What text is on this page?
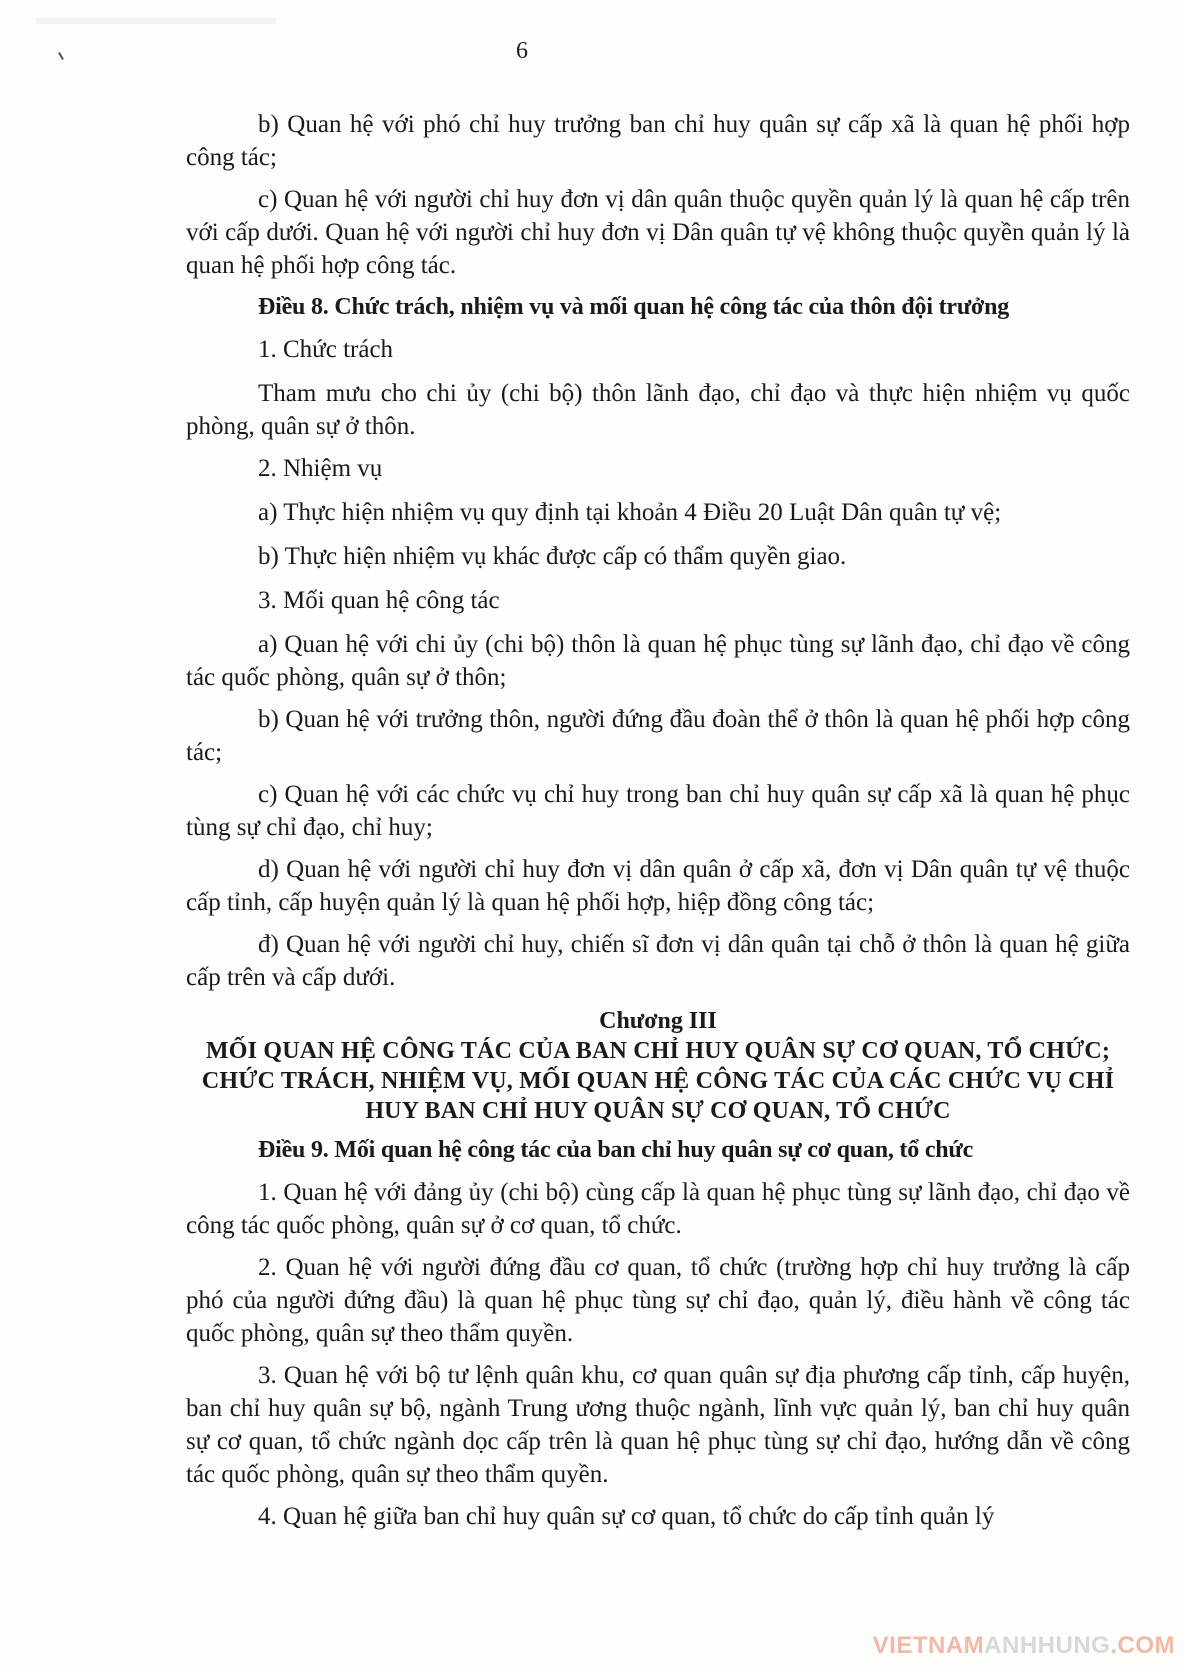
6

b) Quan hệ với phó chỉ huy trưởng ban chỉ huy quân sự cấp xã là quan hệ phối hợp công tác;

c) Quan hệ với người chỉ huy đơn vị dân quân thuộc quyền quản lý là quan hệ cấp trên với cấp dưới. Quan hệ với người chỉ huy đơn vị Dân quân tự vệ không thuộc quyền quản lý là quan hệ phối hợp công tác.

Điều 8. Chức trách, nhiệm vụ và mối quan hệ công tác của thôn đội trưởng

1. Chức trách

Tham mưu cho chi ủy (chi bộ) thôn lãnh đạo, chỉ đạo và thực hiện nhiệm vụ quốc phòng, quân sự ở thôn.

2. Nhiệm vụ

a) Thực hiện nhiệm vụ quy định tại khoản 4 Điều 20 Luật Dân quân tự vệ;

b) Thực hiện nhiệm vụ khác được cấp có thẩm quyền giao.

3. Mối quan hệ công tác

a) Quan hệ với chi ủy (chi bộ) thôn là quan hệ phục tùng sự lãnh đạo, chỉ đạo về công tác quốc phòng, quân sự ở thôn;

b) Quan hệ với trưởng thôn, người đứng đầu đoàn thể ở thôn là quan hệ phối hợp công tác;

c) Quan hệ với các chức vụ chỉ huy trong ban chỉ huy quân sự cấp xã là quan hệ phục tùng sự chỉ đạo, chỉ huy;

d) Quan hệ với người chỉ huy đơn vị dân quân ở cấp xã, đơn vị Dân quân tự vệ thuộc cấp tỉnh, cấp huyện quản lý là quan hệ phối hợp, hiệp đồng công tác;

đ) Quan hệ với người chỉ huy, chiến sĩ đơn vị dân quân tại chỗ ở thôn là quan hệ giữa cấp trên và cấp dưới.

Chương III

MỐI QUAN HỆ CÔNG TÁC CỦA BAN CHỈ HUY QUÂN SỰ CƠ QUAN, TỔ CHỨC; CHỨC TRÁCH, NHIỆM VỤ, MỐI QUAN HỆ CÔNG TÁC CỦA CÁC CHỨC VỤ CHỈ HUY BAN CHỈ HUY QUÂN SỰ CƠ QUAN, TỔ CHỨC

Điều 9. Mối quan hệ công tác của ban chỉ huy quân sự cơ quan, tổ chức

1. Quan hệ với đảng ủy (chi bộ) cùng cấp là quan hệ phục tùng sự lãnh đạo, chỉ đạo về công tác quốc phòng, quân sự ở cơ quan, tổ chức.

2. Quan hệ với người đứng đầu cơ quan, tổ chức (trường hợp chỉ huy trưởng là cấp phó của người đứng đầu) là quan hệ phục tùng sự chỉ đạo, quản lý, điều hành về công tác quốc phòng, quân sự theo thẩm quyền.

3. Quan hệ với bộ tư lệnh quân khu, cơ quan quân sự địa phương cấp tỉnh, cấp huyện, ban chỉ huy quân sự bộ, ngành Trung ương thuộc ngành, lĩnh vực quản lý, ban chỉ huy quân sự cơ quan, tổ chức ngành dọc cấp trên là quan hệ phục tùng sự chỉ đạo, hướng dẫn về công tác quốc phòng, quân sự theo thẩm quyền.

4. Quan hệ giữa ban chỉ huy quân sự cơ quan, tổ chức do cấp tỉnh quản lý

VIETNAMANHHUNG.COM
